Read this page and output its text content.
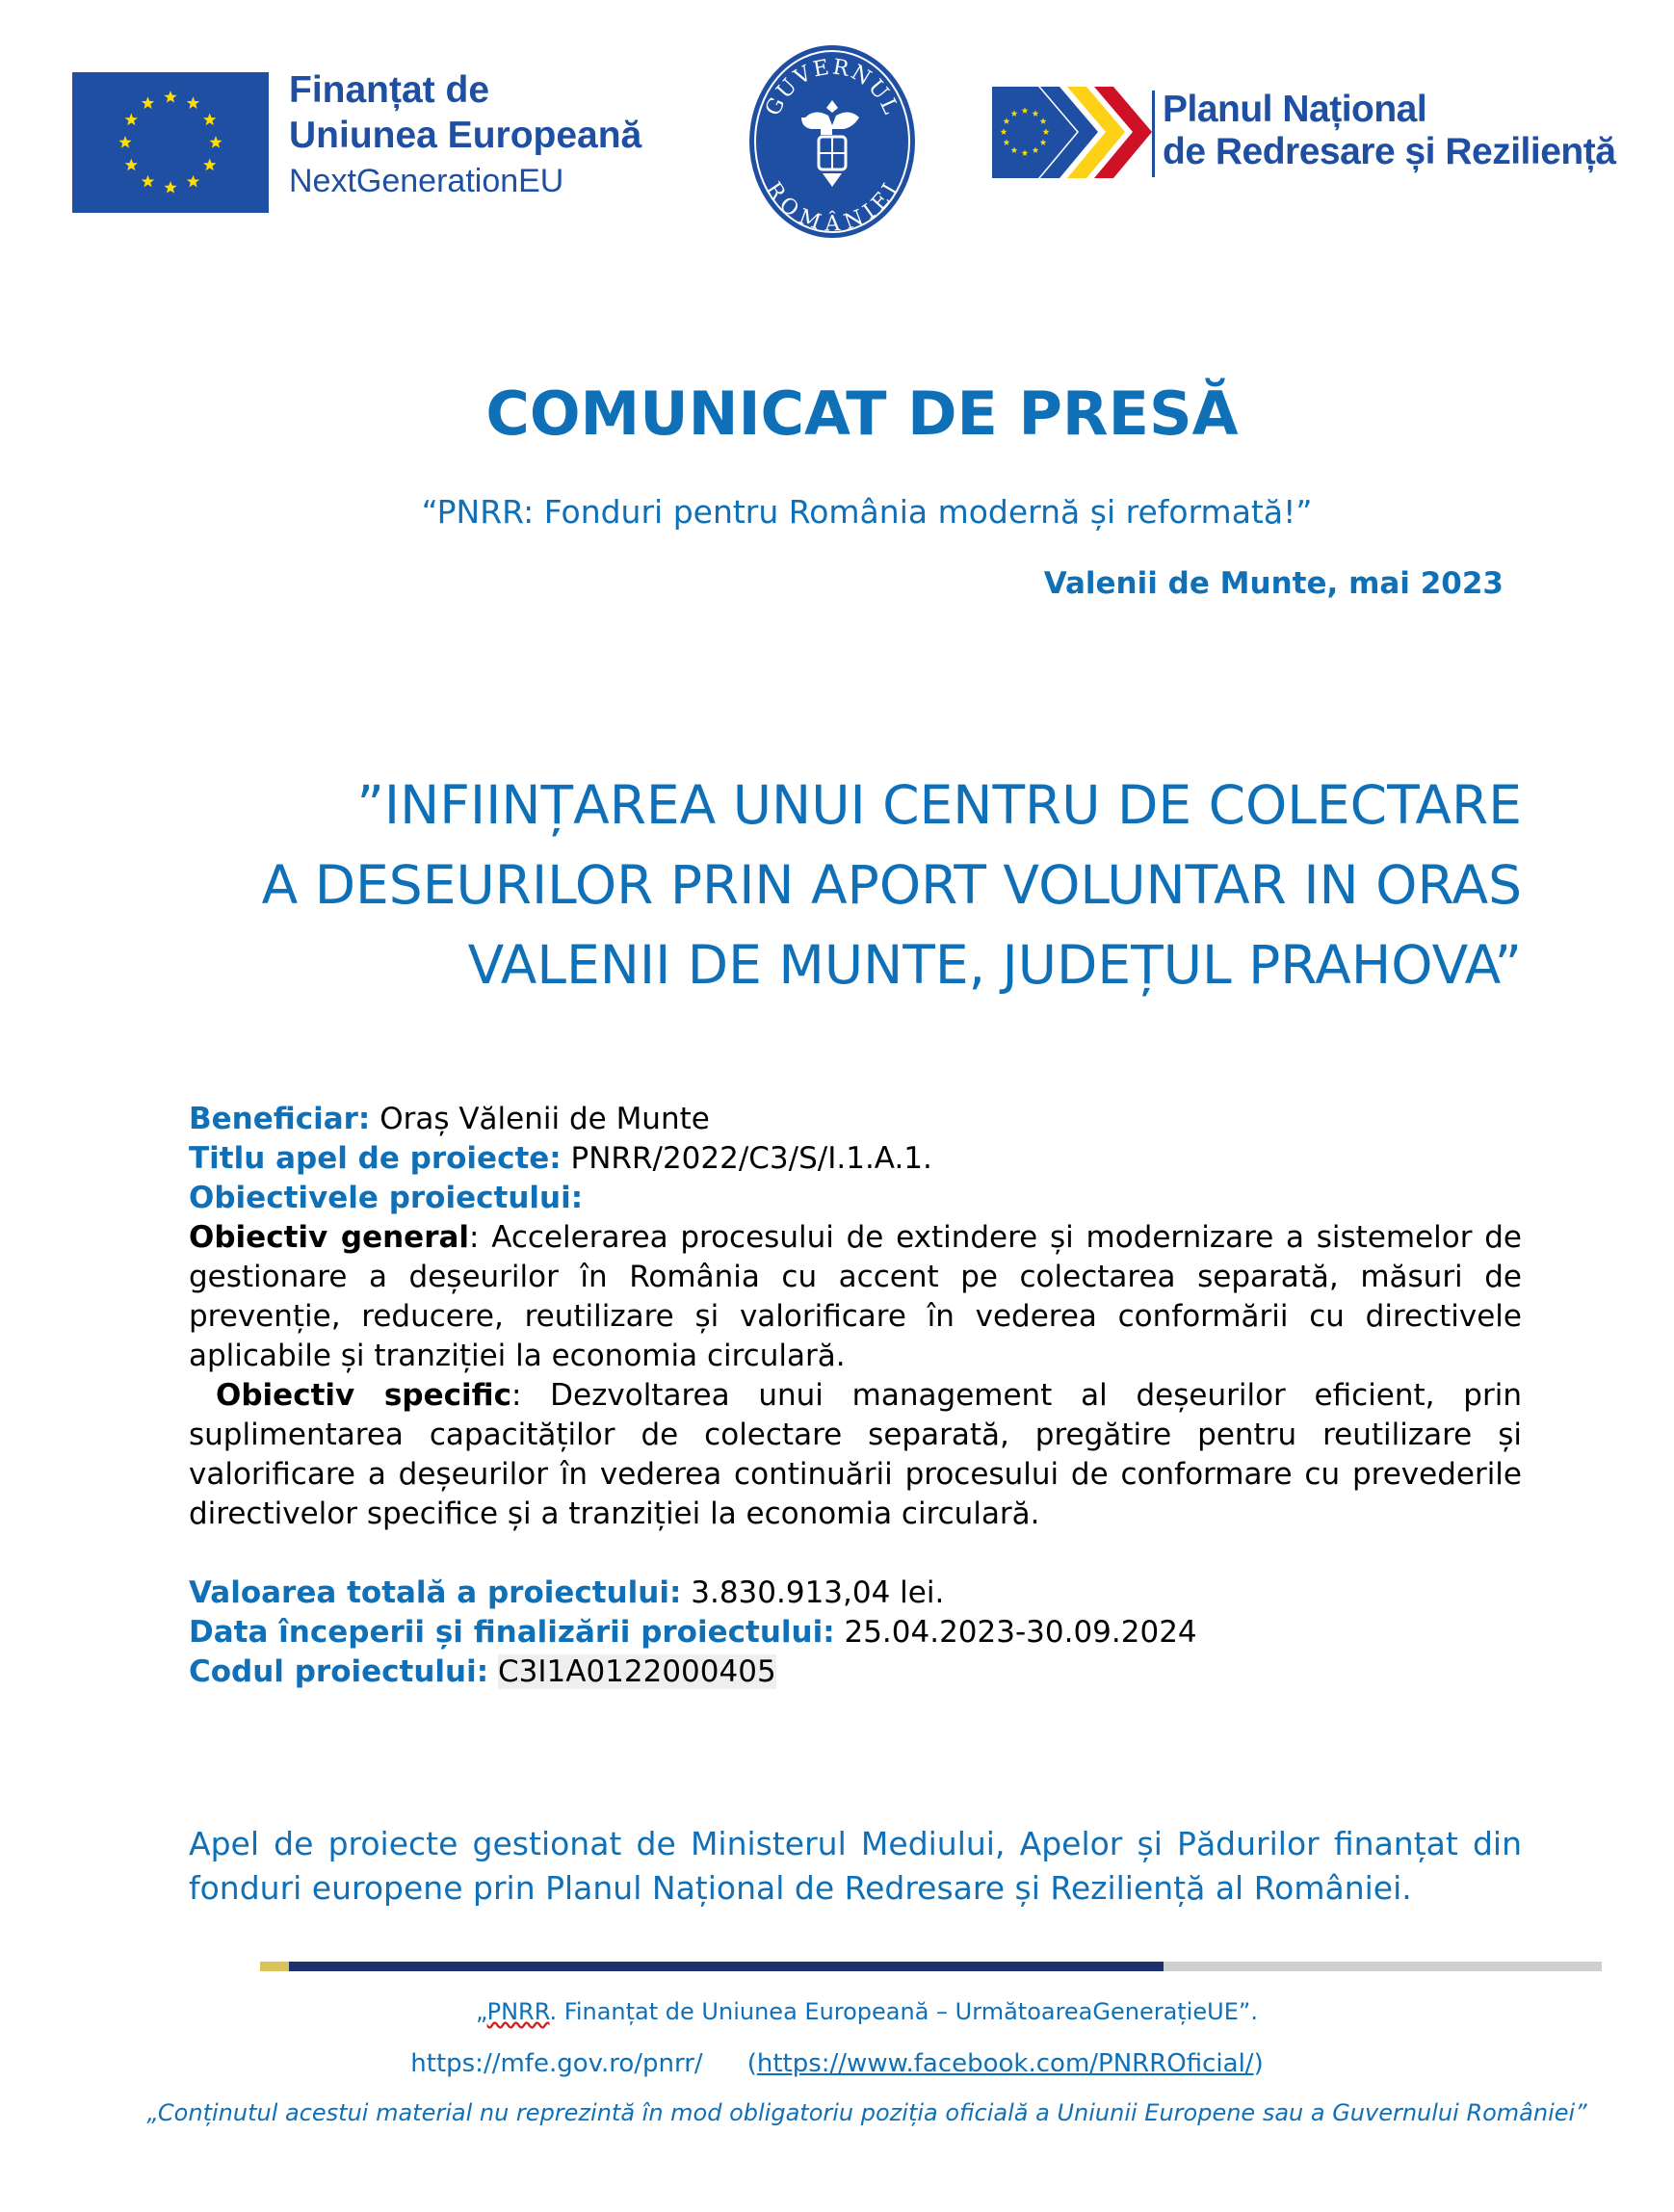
Finanțat de
Uniunea Europeană
NextGenerationEU
GUVERNUL
ROMÂNIEI
Planul Național
de Redresare și Reziliență
COMUNICAT DE PRESĂ
“PNRR: Fonduri pentru România modernă și reformată!”
Valenii de Munte, mai 2023
”INFIINȚAREA UNUI CENTRU DE COLECTARE
A DESEURILOR PRIN APORT VOLUNTAR IN ORAS
VALENII DE MUNTE, JUDEȚUL PRAHOVA”

Beneficiar: Oraș Vălenii de Munte

Titlu apel de proiecte: PNRR/2022/C3/S/I.1.A.1.

Obiectivele proiectului:

Obiectiv general: Accelerarea procesului de extindere și modernizare a sistemelor de gestionare a deșeurilor în România cu accent pe colectarea separată, măsuri de prevenție, reducere, reutilizare și valorificare în vederea conformării cu directivele aplicabile și tranziției la economia circulară.

Obiectiv specific: Dezvoltarea unui management al deșeurilor eficient, prin suplimentarea capacităților de colectare separată, pregătire pentru reutilizare și valorificare a deșeurilor în vederea continuării procesului de conformare cu prevederile directivelor specifice și a tranziției la economia circulară.

Valoarea totală a proiectului: 3.830.913,04 lei.

Data începerii și finalizării proiectului: 25.04.2023-30.09.2024

Codul proiectului: C3I1A0122000405

Apel de proiecte gestionat de Ministerul Mediului, Apelor și Pădurilor finanțat din fonduri europene prin Planul Național de Redresare și Reziliență al României.
„PNRR. Finanțat de Uniunea Europeană – UrmătoareaGenerațieUE”.
https://mfe.gov.ro/pnrr/ (https://www.facebook.com/PNRROficial/)
„Conținutul acestui material nu reprezintă în mod obligatoriu poziția oficială a Uniunii Europene sau a Guvernului României”
